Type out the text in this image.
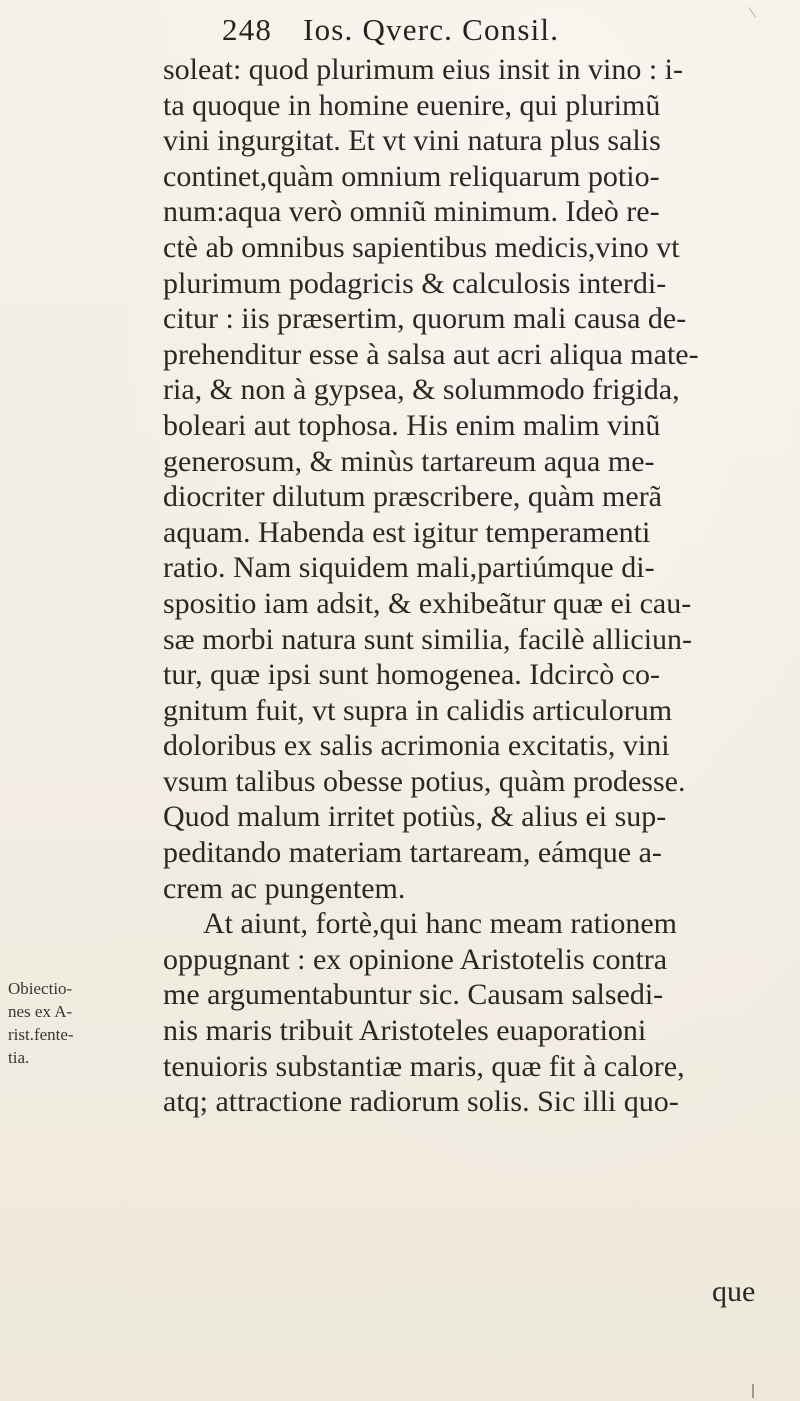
248 Ios. Qverc. Consil.
soleat: quod plurimum eius insit in vino : i-
ta quoque in homine euenire, qui plurimũ
vini ingurgitat. Et vt vini natura plus salis
continet,quàm omnium reliquarum potio-
num:aqua verò omniũ minimum. Ideò re-
ctè ab omnibus sapientibus medicis,vino vt
plurimum podagricis & calculosis interdi-
citur : iis præsertim, quorum mali causa de-
prehenditur esse à salsa aut acri aliqua mate-
ria, & non à gypsea, & solummodo frigida,
boleari aut tophosa. His enim malim vinũ
generosum, & minùs tartareum aqua me-
diocriter dilutum præscribere, quàm merã
aquam. Habenda est igitur temperamenti
ratio. Nam siquidem mali,partiúmque di-
spositio iam adsit, & exhibeãtur quæ ei cau-
sæ morbi natura sunt similia, facilè alliciun-
tur, quæ ipsi sunt homogenea. Idcircò co-
gnitum fuit, vt supra in calidis articulorum
doloribus ex salis acrimonia excitatis, vini
vsum talibus obesse potius, quàm prodesse.
Quod malum irritet potiùs, & alius ei sup-
peditando materiam tartaream, eámque a-
crem ac pungentem.
At aiunt, fortè,qui hanc meam rationem
oppugnant : ex opinione Aristotelis contra
me argumentabuntur sic. Causam salsedi-
nis maris tribuit Aristoteles euaporationi
tenuioris substantiæ maris, quæ fit à calore,
atq; attractione radiorum solis. Sic illi quo-
que
Obiectio-
nes ex A-
rist.fente-
tia.
